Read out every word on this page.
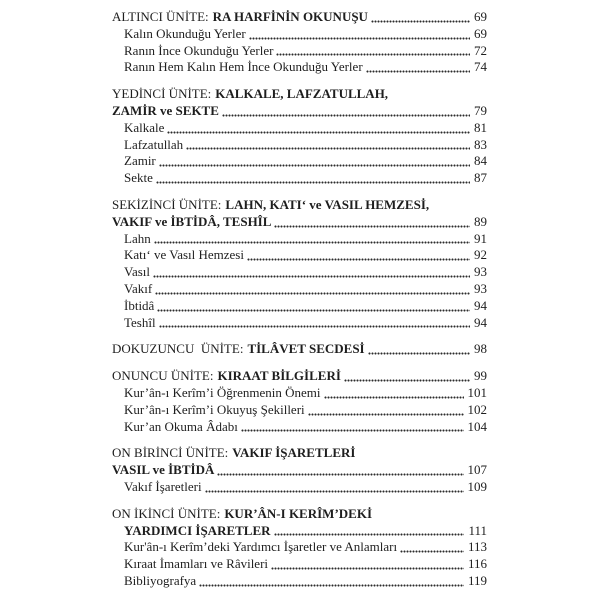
ALTINCI ÜNİTE: RA HARFİNİN OKUNUŞU	69
Kalın Okunduğu Yerler	69
Ranın İnce Okunduğu Yerler	72
Ranın Hem Kalın Hem İnce Okunduğu Yerler	74
YEDİNCİ ÜNİTE: KALKALE, LAFZATULLAH,
ZAMİR ve SEKTE	79
Kalkale	81
Lafzatullah	83
Zamir	84
Sekte	87
SEKİZİNCİ ÜNİTE: LAHN, KATI‘ ve VASIL HEMZESİ,
VAKIF ve İBTİDÂ, TESHÎL	89
Lahn	91
Katı‘ ve Vasıl Hemzesi	92
Vasıl	93
Vakıf	93
İbtidâ	94
Teshîl	94
DOKUZUNCU  ÜNİTE: TİLÂVET SECDESİ	98
ONUNCU ÜNİTE: KIRAAT BİLGİLERİ	99
Kur’ân-ı Kerîm’i Öğrenmenin Önemi	101
Kur’ân-ı Kerîm’i Okuyuş Şekilleri	102
Kur’an Okuma Âdabı	104
ON BİRİNCİ ÜNİTE: VAKIF İŞARETLERİ
VASIL ve İBTİDÂ	107
Vakıf İşaretleri	109
ON İKİNCİ ÜNİTE: KUR’ÂN-I KERÎM’DEKİ
YARDIMCI İŞARETLER	111
Kur'ân-ı Kerîm’deki Yardımcı İşaretler ve Anlamları	113
Kıraat İmamları ve Râvileri	116
Bibliyografya	119
